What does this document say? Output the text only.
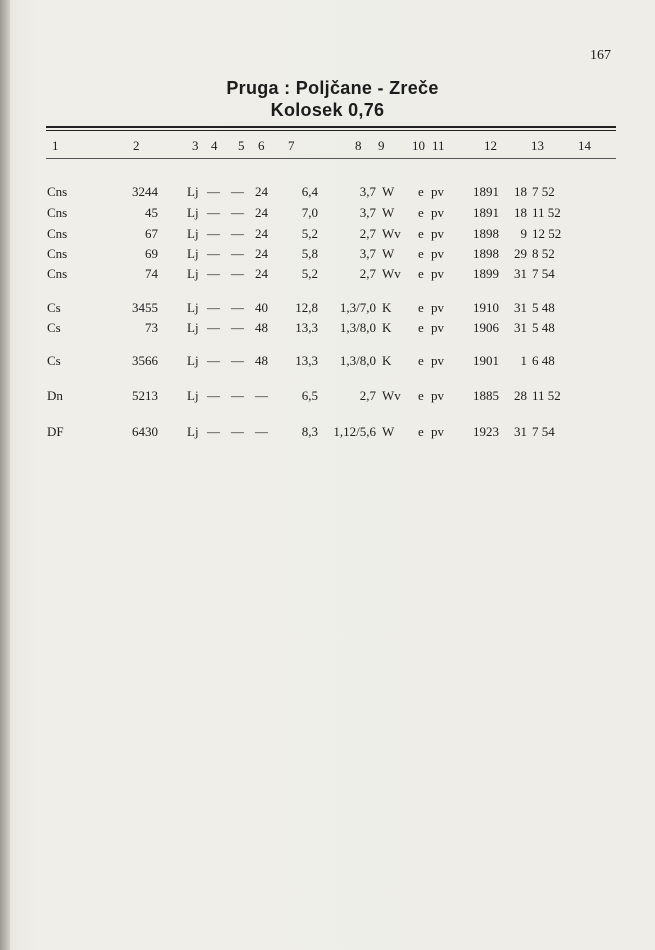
167
Pruga : Poljčane - Zreče
Kolosek 0,76
1	2	3 4 5 6 7	8 9 10 11	12	13	14
Cns	3244 Lj — — 24	6,4	3,7 W e pv 1891	18 7 52
Cns	45 Lj — — 24	7,0	3,7 W e pv 1891	18 11 52
Cns	67 Lj — — 24	5,2	2,7 Wv e pv 1898	9 12 52
Cns	69 Lj — — 24	5,8	3,7 W e pv 1898	29 8 52
Cns	74 Lj — — 24	5,2	2,7 Wv e pv 1899	31 7 54
Cs	3455 Lj — — 40	12,8	1,3/7,0 K e pv 1910	31 5 48
Cs	73 Lj — — 48	13,3	1,3/8,0 K e pv 1906	31 5 48
Cs	3566 Lj — — 48	13,3	1,3/8,0 K e pv 1901	1 6 48
Dn	5213 Lj — — —	6,5	2,7 Wv e pv 1885	28 11 52
DF	6430 Lj — — —	8,3	1,12/5,6 W e pv 1923	31 7 54
